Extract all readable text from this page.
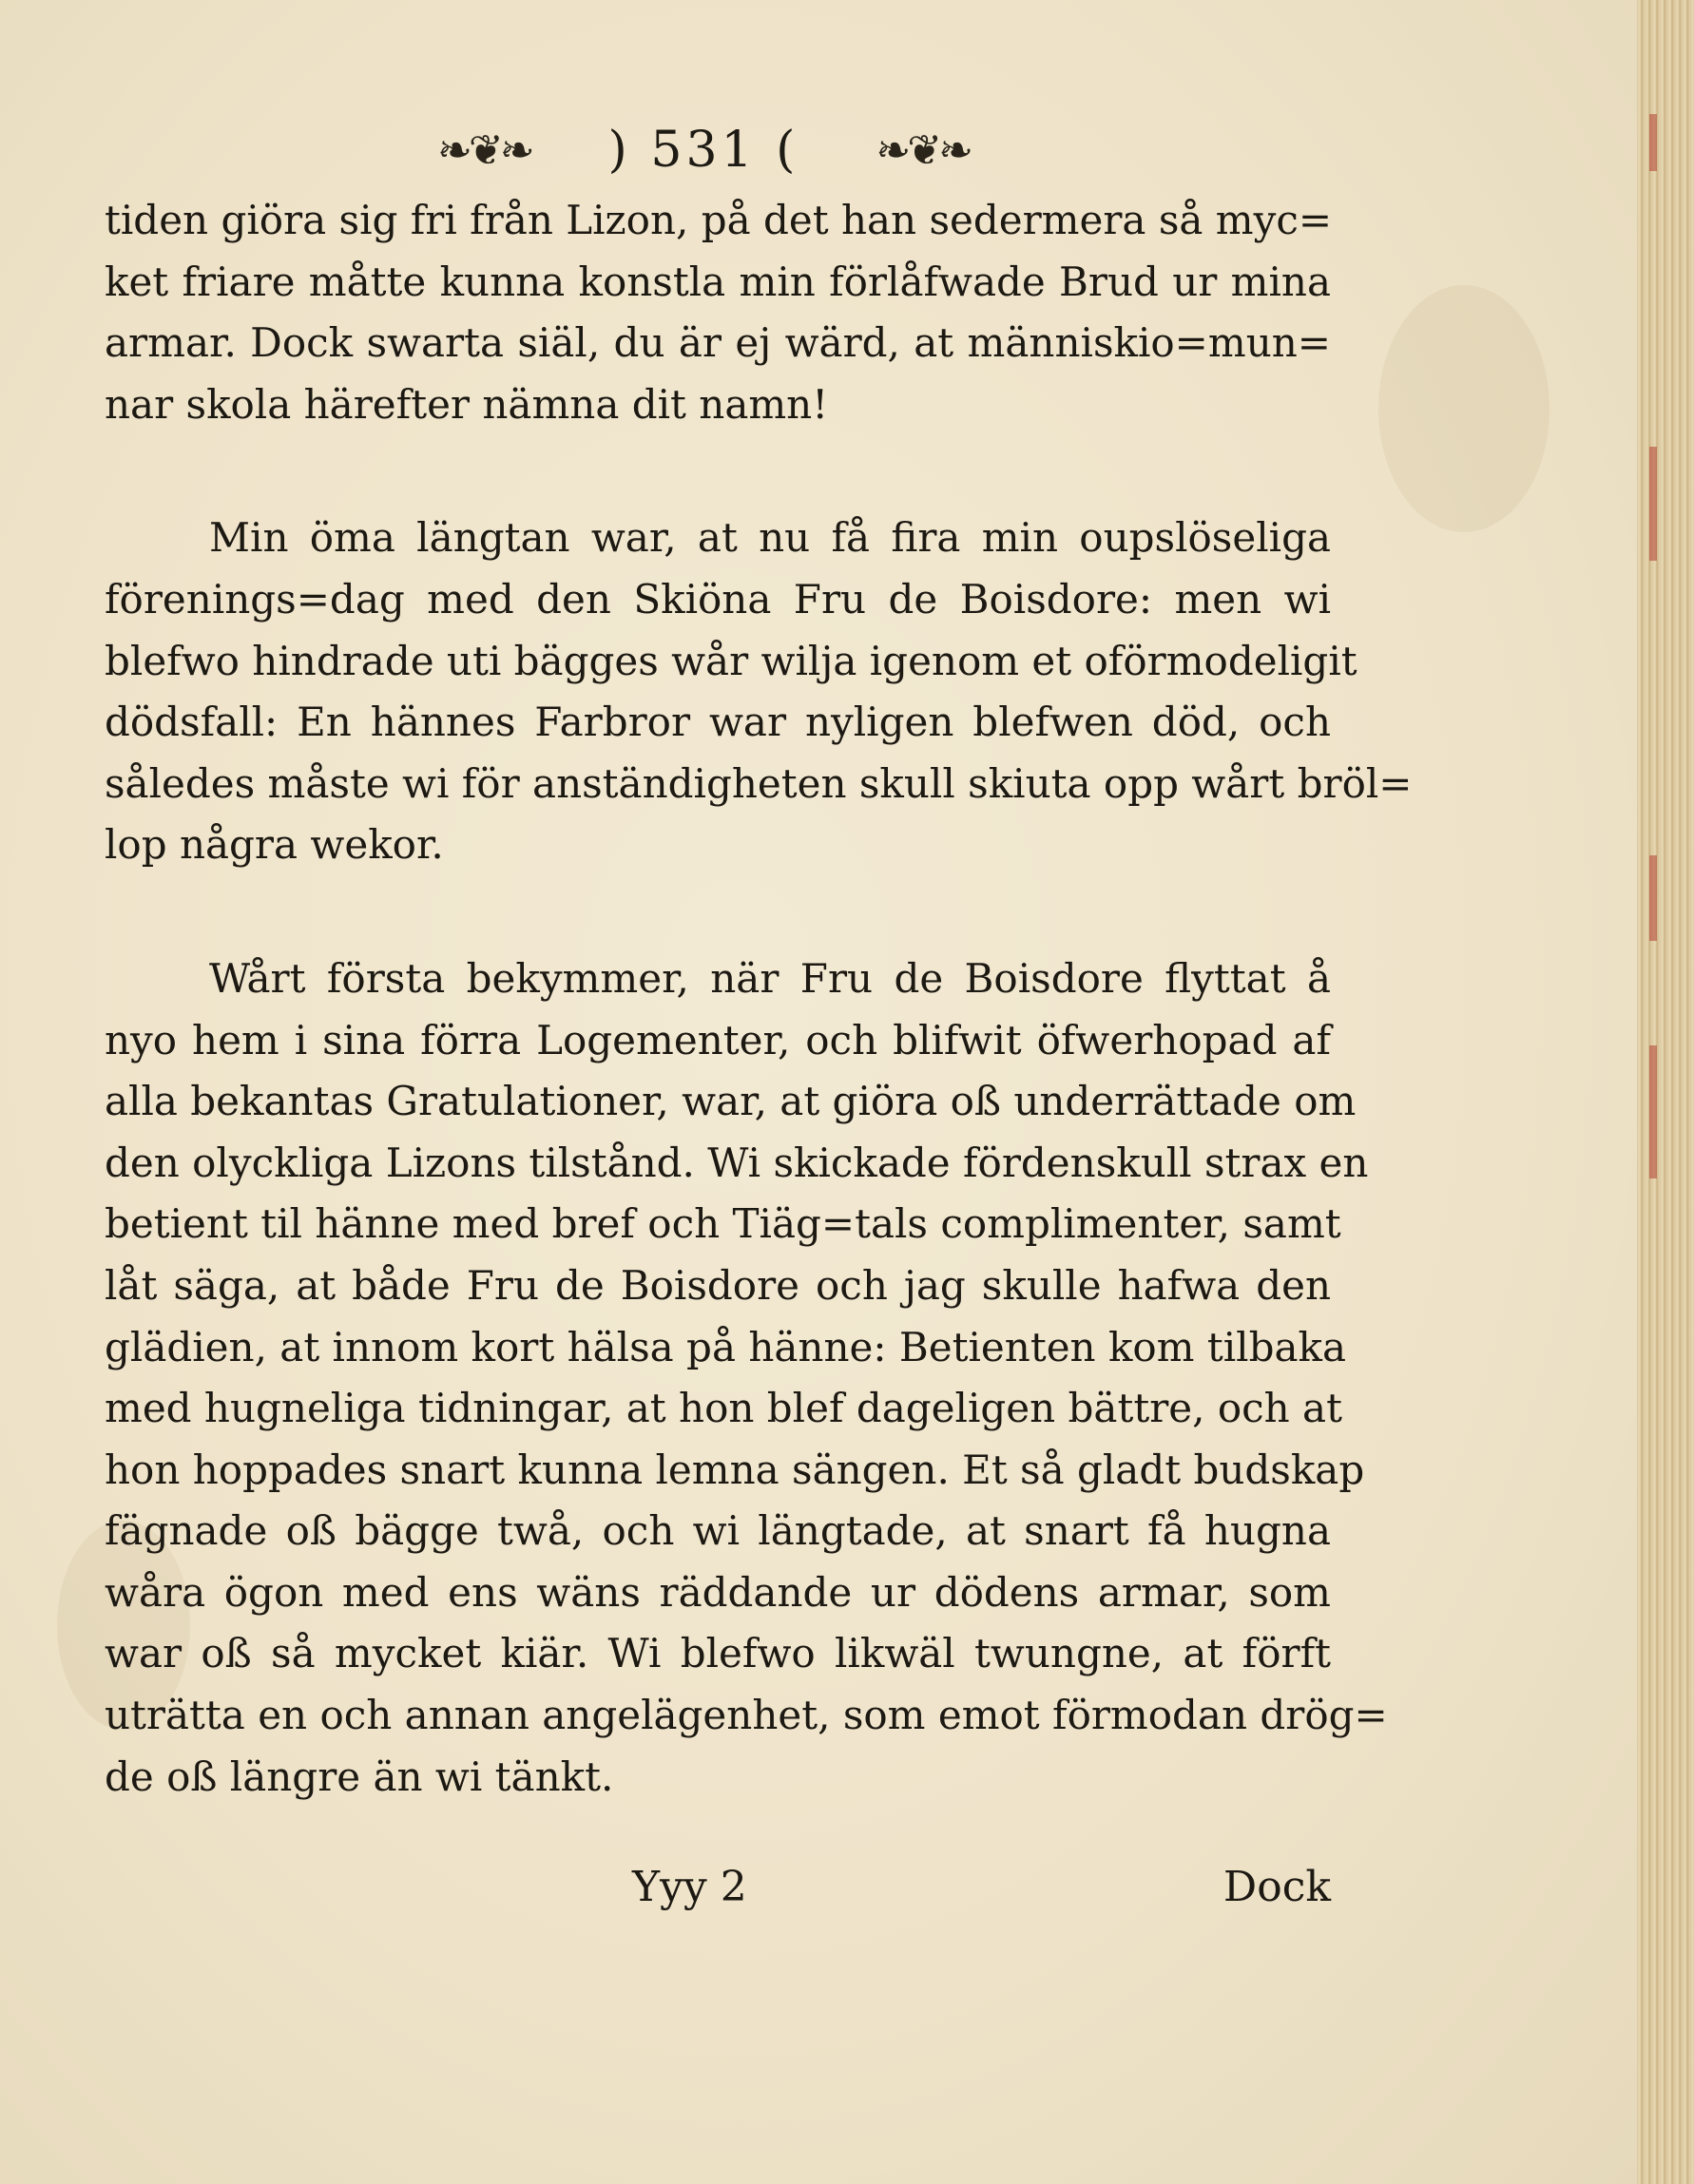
❧❦❧ ) 531 ( ❧❦❧
tiden giöra sig fri från Lizon, på det han sedermera så myc=
ket friare måtte kunna konstla min förlåfwade Brud ur mina
armar. Dock swarta siäl, du är ej wärd, at människio=mun=
nar skola härefter nämna dit namn!
Min öma längtan war, at nu få fira min oupslöseliga
förenings=dag med den Skiöna Fru de Boisdore: men wi
blefwo hindrade uti bägges wår wilja igenom et oförmodeligit
dödsfall: En hännes Farbror war nyligen blefwen död, och
således måste wi för anständigheten skull skiuta opp wårt bröl=
lop några wekor.
Wårt första bekymmer, när Fru de Boisdore flyttat å
nyo hem i sina förra Logementer, och blifwit öfwerhopad af
alla bekantas Gratulationer, war, at giöra oß underrättade om
den olyckliga Lizons tilstånd. Wi skickade fördenskull strax en
betient til hänne med bref och Tiäg=tals complimenter, samt
låt säga, at både Fru de Boisdore och jag skulle hafwa den
glädien, at innom kort hälsa på hänne: Betienten kom tilbaka
med hugneliga tidningar, at hon blef dageligen bättre, och at
hon hoppades snart kunna lemna sängen. Et så gladt budskap
fägnade oß bägge twå, och wi längtade, at snart få hugna
wåra ögon med ens wäns räddande ur dödens armar, som
war oß så mycket kiär. Wi blefwo likwäl twungne, at förft
uträtta en och annan angelägenhet, som emot förmodan drög=
de oß längre än wi tänkt.
Yyy 2	Dock
